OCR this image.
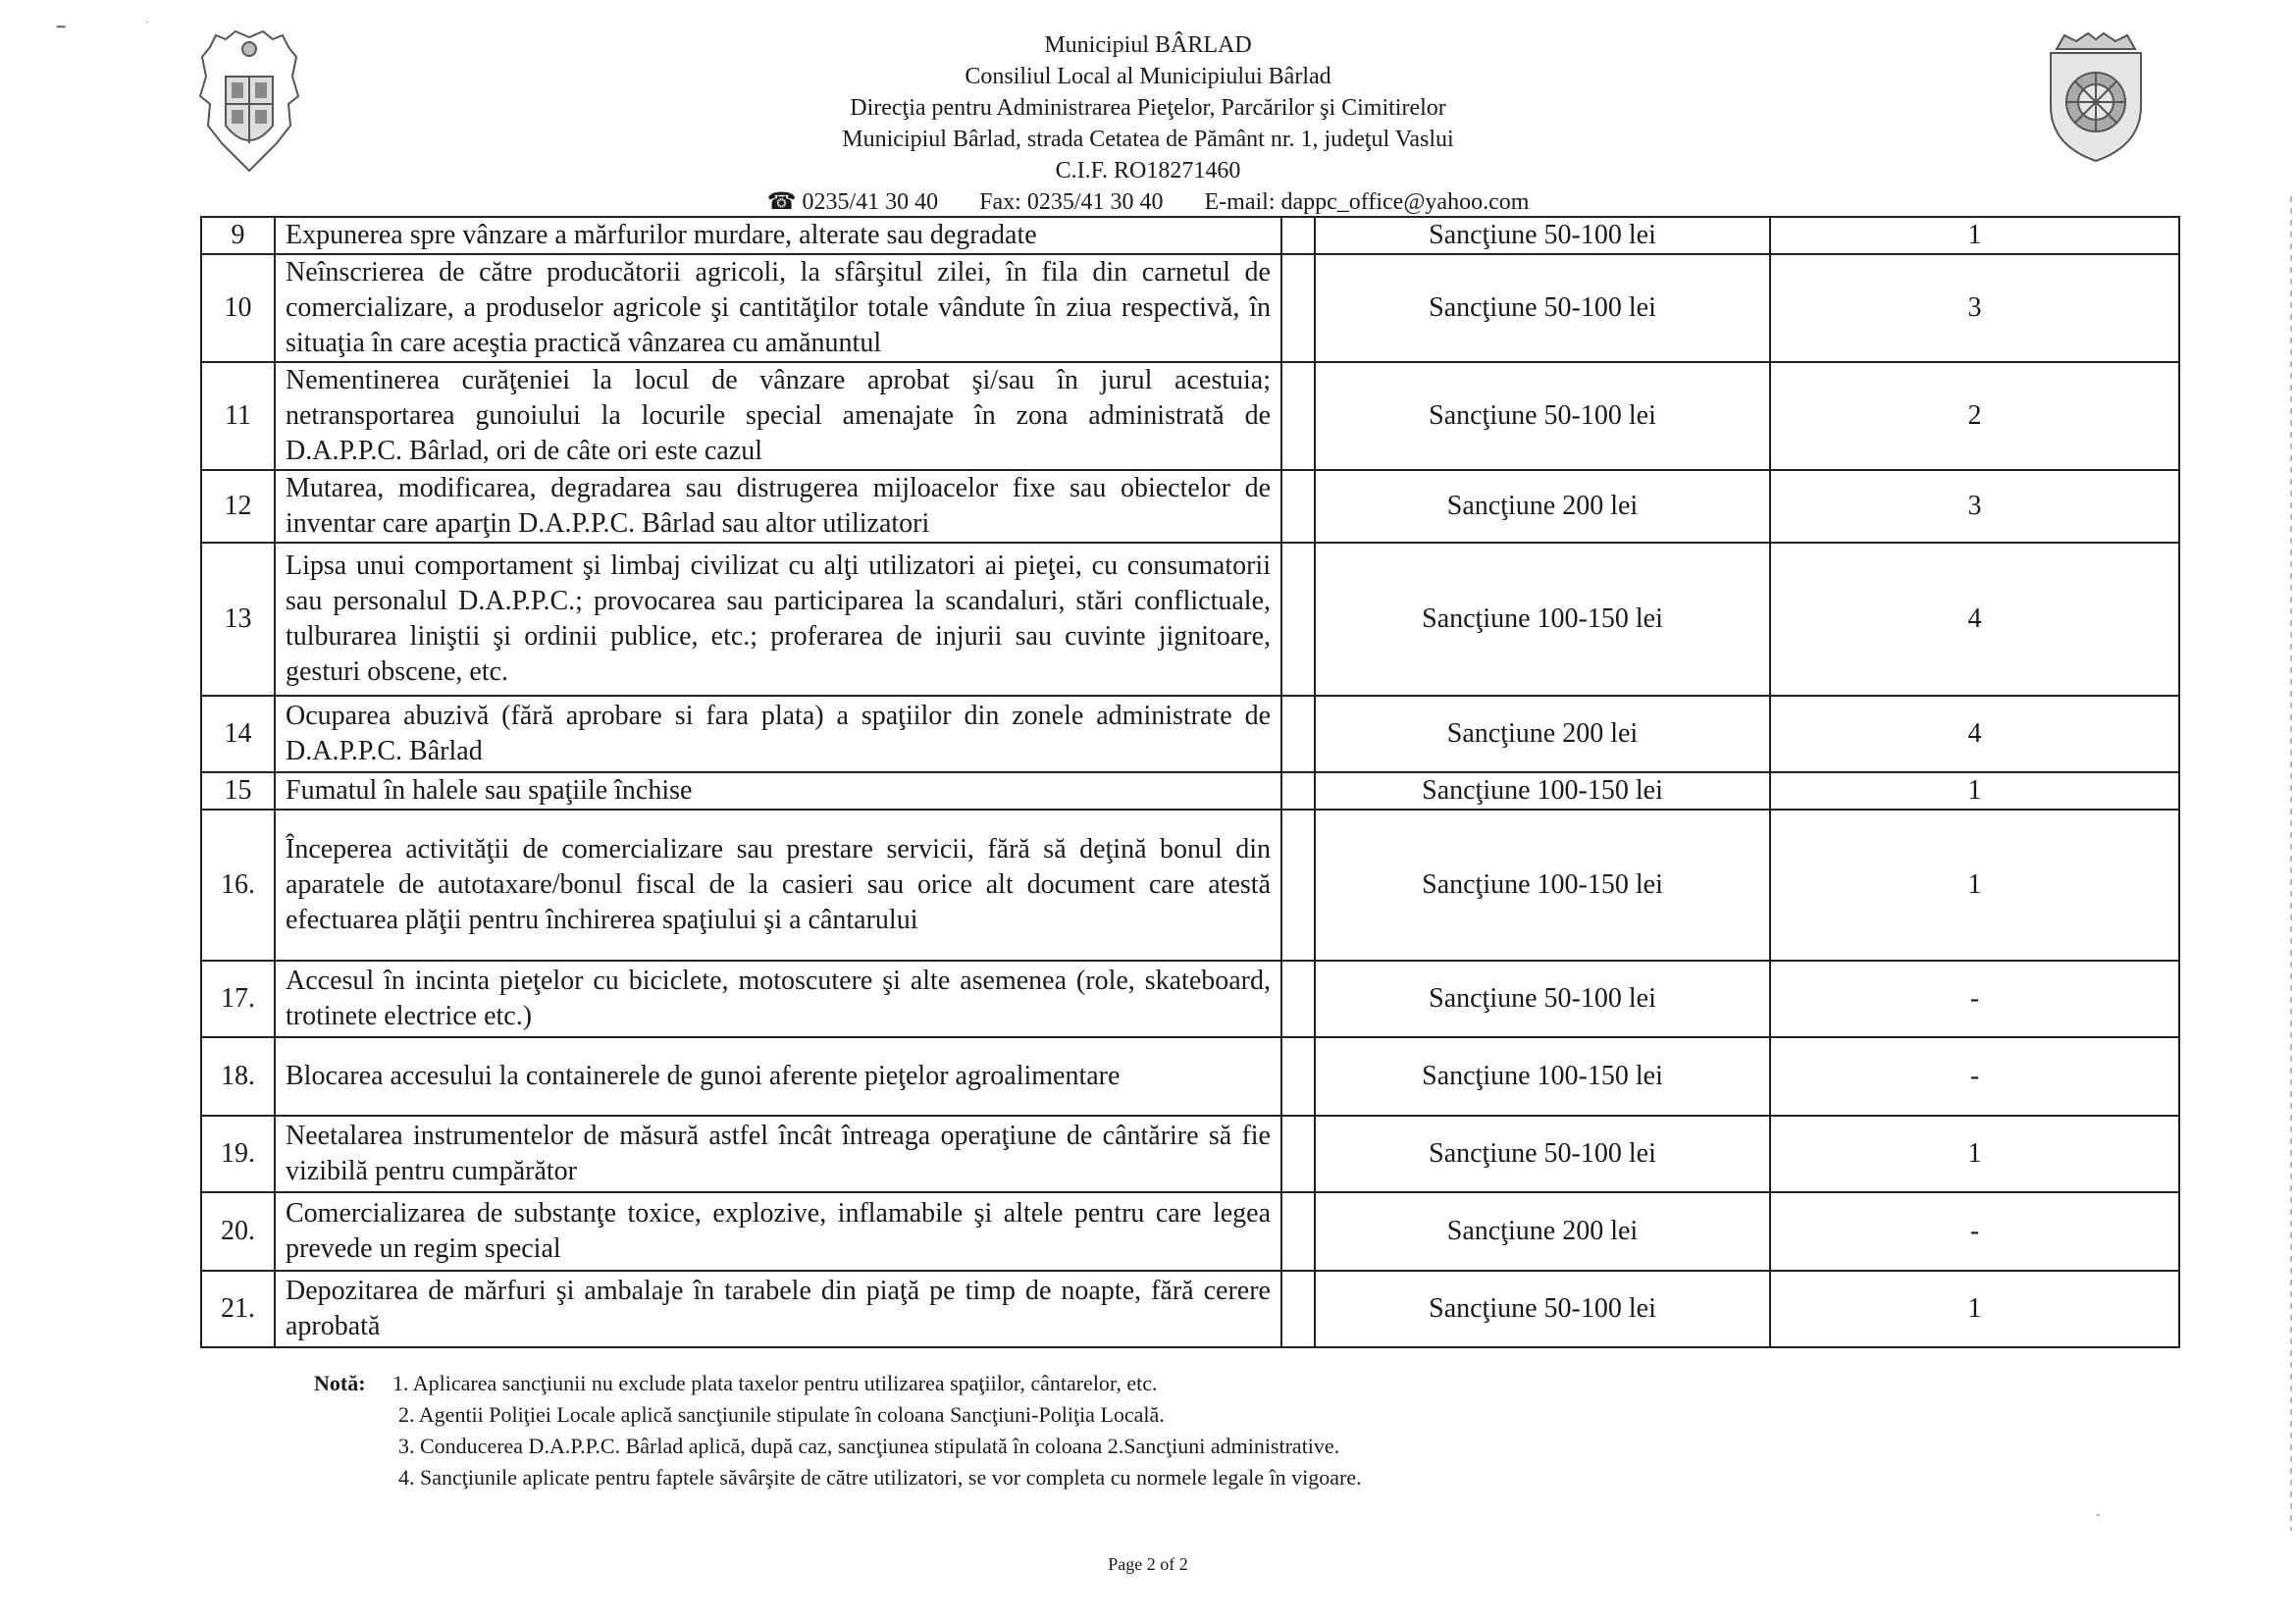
━	·
Municipiul BÂRLAD
Consiliul Local al Municipiului Bârlad
Direcţia pentru Administrarea Pieţelor, Parcărilor şi Cimitirelor
Municipiul Bârlad, strada Cetatea de Pământ nr. 1, judeţul Vaslui
C.I.F. RO18271460
☎ 0235/41 30 40 Fax: 0235/41 30 40 E-mail: dappc_office@yahoo.com
9	Expunerea spre vânzare a mărfurilor murdare, alterate sau degradate		Sancţiune 50-100 lei	1
10	Neînscrierea de către producătorii agricoli, la sfârşitul zilei, în fila din carnetul de comercializare, a produselor agricole şi cantităţilor totale vândute în ziua respectivă, în situaţia în care aceştia practică vânzarea cu amănuntul		Sancţiune 50-100 lei	3
11	Nementinerea curăţeniei la locul de vânzare aprobat şi/sau în jurul acestuia; netransportarea gunoiului la locurile special amenajate în zona administrată de D.A.P.P.C. Bârlad, ori de câte ori este cazul		Sancţiune 50-100 lei	2
12	Mutarea, modificarea, degradarea sau distrugerea mijloacelor fixe sau obiectelor de inventar care aparţin D.A.P.P.C. Bârlad sau altor utilizatori		Sancţiune 200 lei	3
13	Lipsa unui comportament şi limbaj civilizat cu alţi utilizatori ai pieţei, cu consumatorii sau personalul D.A.P.P.C.; provocarea sau participarea la scandaluri, stări conflictuale, tulburarea liniştii şi ordinii publice, etc.; proferarea de injurii sau cuvinte jignitoare, gesturi obscene, etc.		Sancţiune 100-150 lei	4
14	Ocuparea abuzivă (fără aprobare si fara plata) a spaţiilor din zonele administrate de D.A.P.P.C. Bârlad		Sancţiune 200 lei	4
15	Fumatul în halele sau spaţiile închise		Sancţiune 100-150 lei	1
16.	Începerea activităţii de comercializare sau prestare servicii, fără să deţină bonul din aparatele de autotaxare/bonul fiscal de la casieri sau orice alt document care atestă efectuarea plăţii pentru închirerea spaţiului şi a cântarului		Sancţiune 100-150 lei	1
17.	Accesul în incinta pieţelor cu biciclete, motoscutere şi alte asemenea (role, skateboard, trotinete electrice etc.)		Sancţiune 50-100 lei	-
18.	Blocarea accesului la containerele de gunoi aferente pieţelor agroalimentare		Sancţiune 100-150 lei	-
19.	Neetalarea instrumentelor de măsură astfel încât întreaga operaţiune de cântărire să fie vizibilă pentru cumpărător		Sancţiune 50-100 lei	1
20.	Comercializarea de substanţe toxice, explozive, inflamabile şi altele pentru care legea prevede un regim special		Sancţiune 200 lei	-
21.	Depozitarea de mărfuri şi ambalaje în tarabele din piaţă pe timp de noapte, fără cerere aprobată		Sancţiune 50-100 lei	1
Notă: 1. Aplicarea sancţiunii nu exclude plata taxelor pentru utilizarea spaţiilor, cântarelor, etc.
2. Agentii Poliţiei Locale aplică sancţiunile stipulate în coloana Sancţiuni-Poliţia Locală.
3. Conducerea D.A.P.P.C. Bârlad aplică, după caz, sancţiunea stipulată în coloana 2.Sancţiuni administrative.
4. Sancţiunile aplicate pentru faptele săvârşite de către utilizatori, se vor completa cu normele legale în vigoare.
Page 2 of 2
-
